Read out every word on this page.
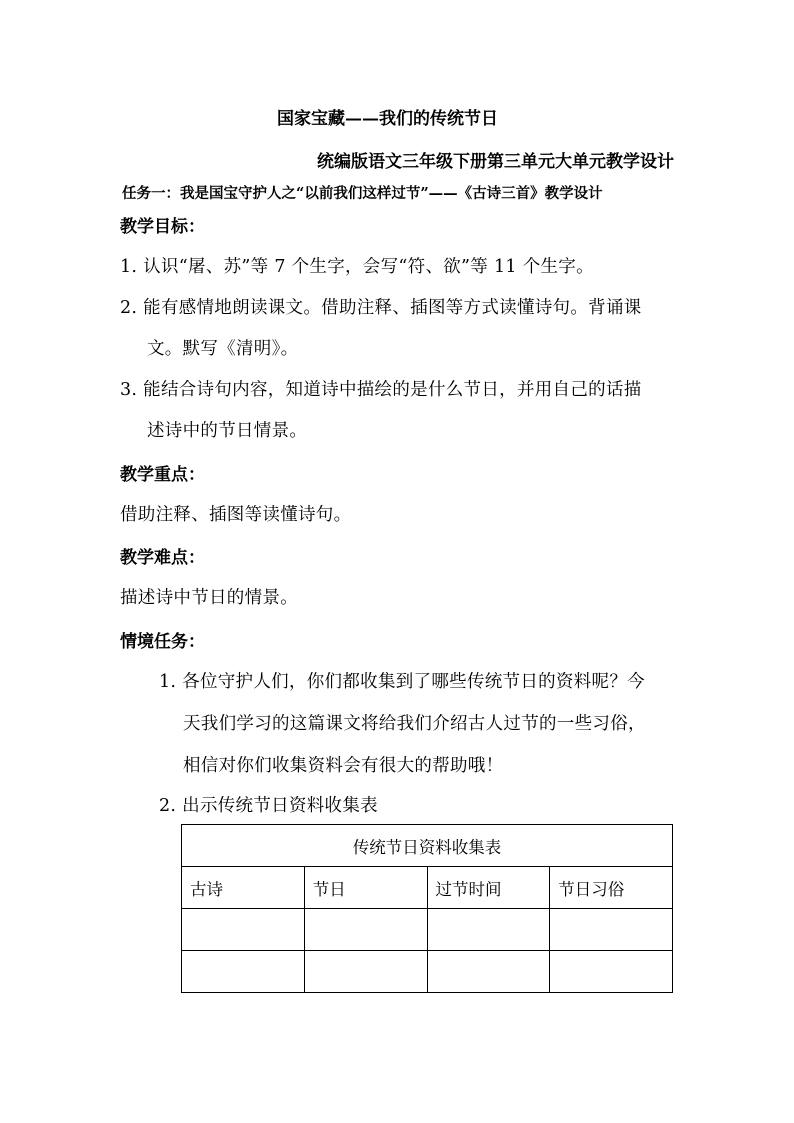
国家宝藏——我们的传统节日
统编版语文三年级下册第三单元大单元教学设计
任务一：我是国宝守护人之“以前我们这样过节”——《古诗三首》教学设计
教学目标：
1. 认识“屠、苏”等 7 个生字，会写“符、欲”等 11 个生字。
2. 能有感情地朗读课文。借助注释、插图等方式读懂诗句。背诵课
文。默写《清明》。
3. 能结合诗句内容，知道诗中描绘的是什么节日，并用自己的话描
述诗中的节日情景。
教学重点：
借助注释、插图等读懂诗句。
教学难点：
描述诗中节日的情景。
情境任务：
1. 各位守护人们，你们都收集到了哪些传统节日的资料呢？今
天我们学习的这篇课文将给我们介绍古人过节的一些习俗，
相信对你们收集资料会有很大的帮助哦！
2. 出示传统节日资料收集表
传统节日资料收集表			
古诗	节日	过节时间	节日习俗
